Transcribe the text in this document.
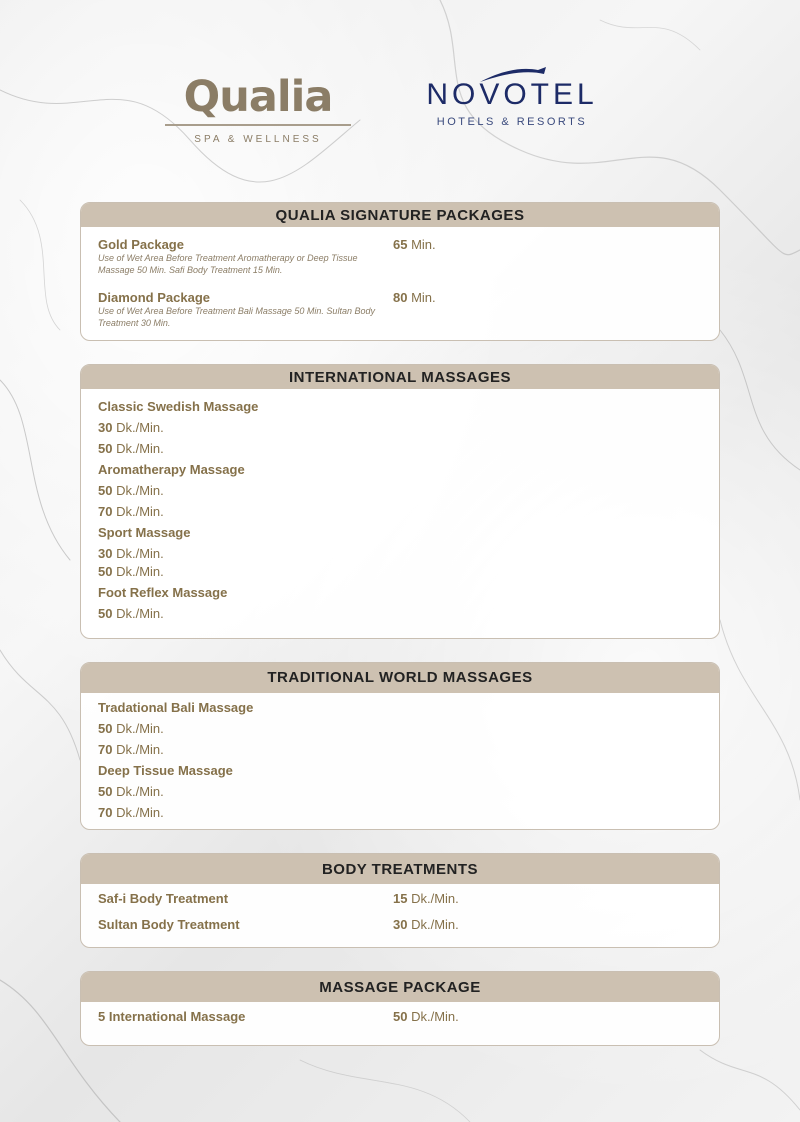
Qualia
SPA & WELLNESS
NOVOTEL
HOTELS & RESORTS
QUALIA SIGNATURE PACKAGES
Gold Package
Use of Wet Area Before Treatment Aromatherapy or Deep Tissue Massage 50 Min. Safi Body Treatment 15 Min.
65 Min.
Diamond Package
Use of Wet Area Before Treatment Bali Massage 50 Min. Sultan Body Treatment 30 Min.
80 Min.
INTERNATIONAL MASSAGES
Classic Swedish Massage
30 Dk./Min.
50 Dk./Min.
Aromatherapy Massage
50 Dk./Min.
70 Dk./Min.
Sport Massage
30 Dk./Min.
50 Dk./Min.
Foot Reflex Massage
50 Dk./Min.
TRADITIONAL WORLD MASSAGES
Tradational Bali Massage
50 Dk./Min.
70 Dk./Min.
Deep Tissue Massage
50 Dk./Min.
70 Dk./Min.
BODY TREATMENTS
Saf-i Body Treatment	15 Dk./Min.
Sultan Body Treatment	30 Dk./Min.
MASSAGE PACKAGE
5 International Massage	50 Dk./Min.
